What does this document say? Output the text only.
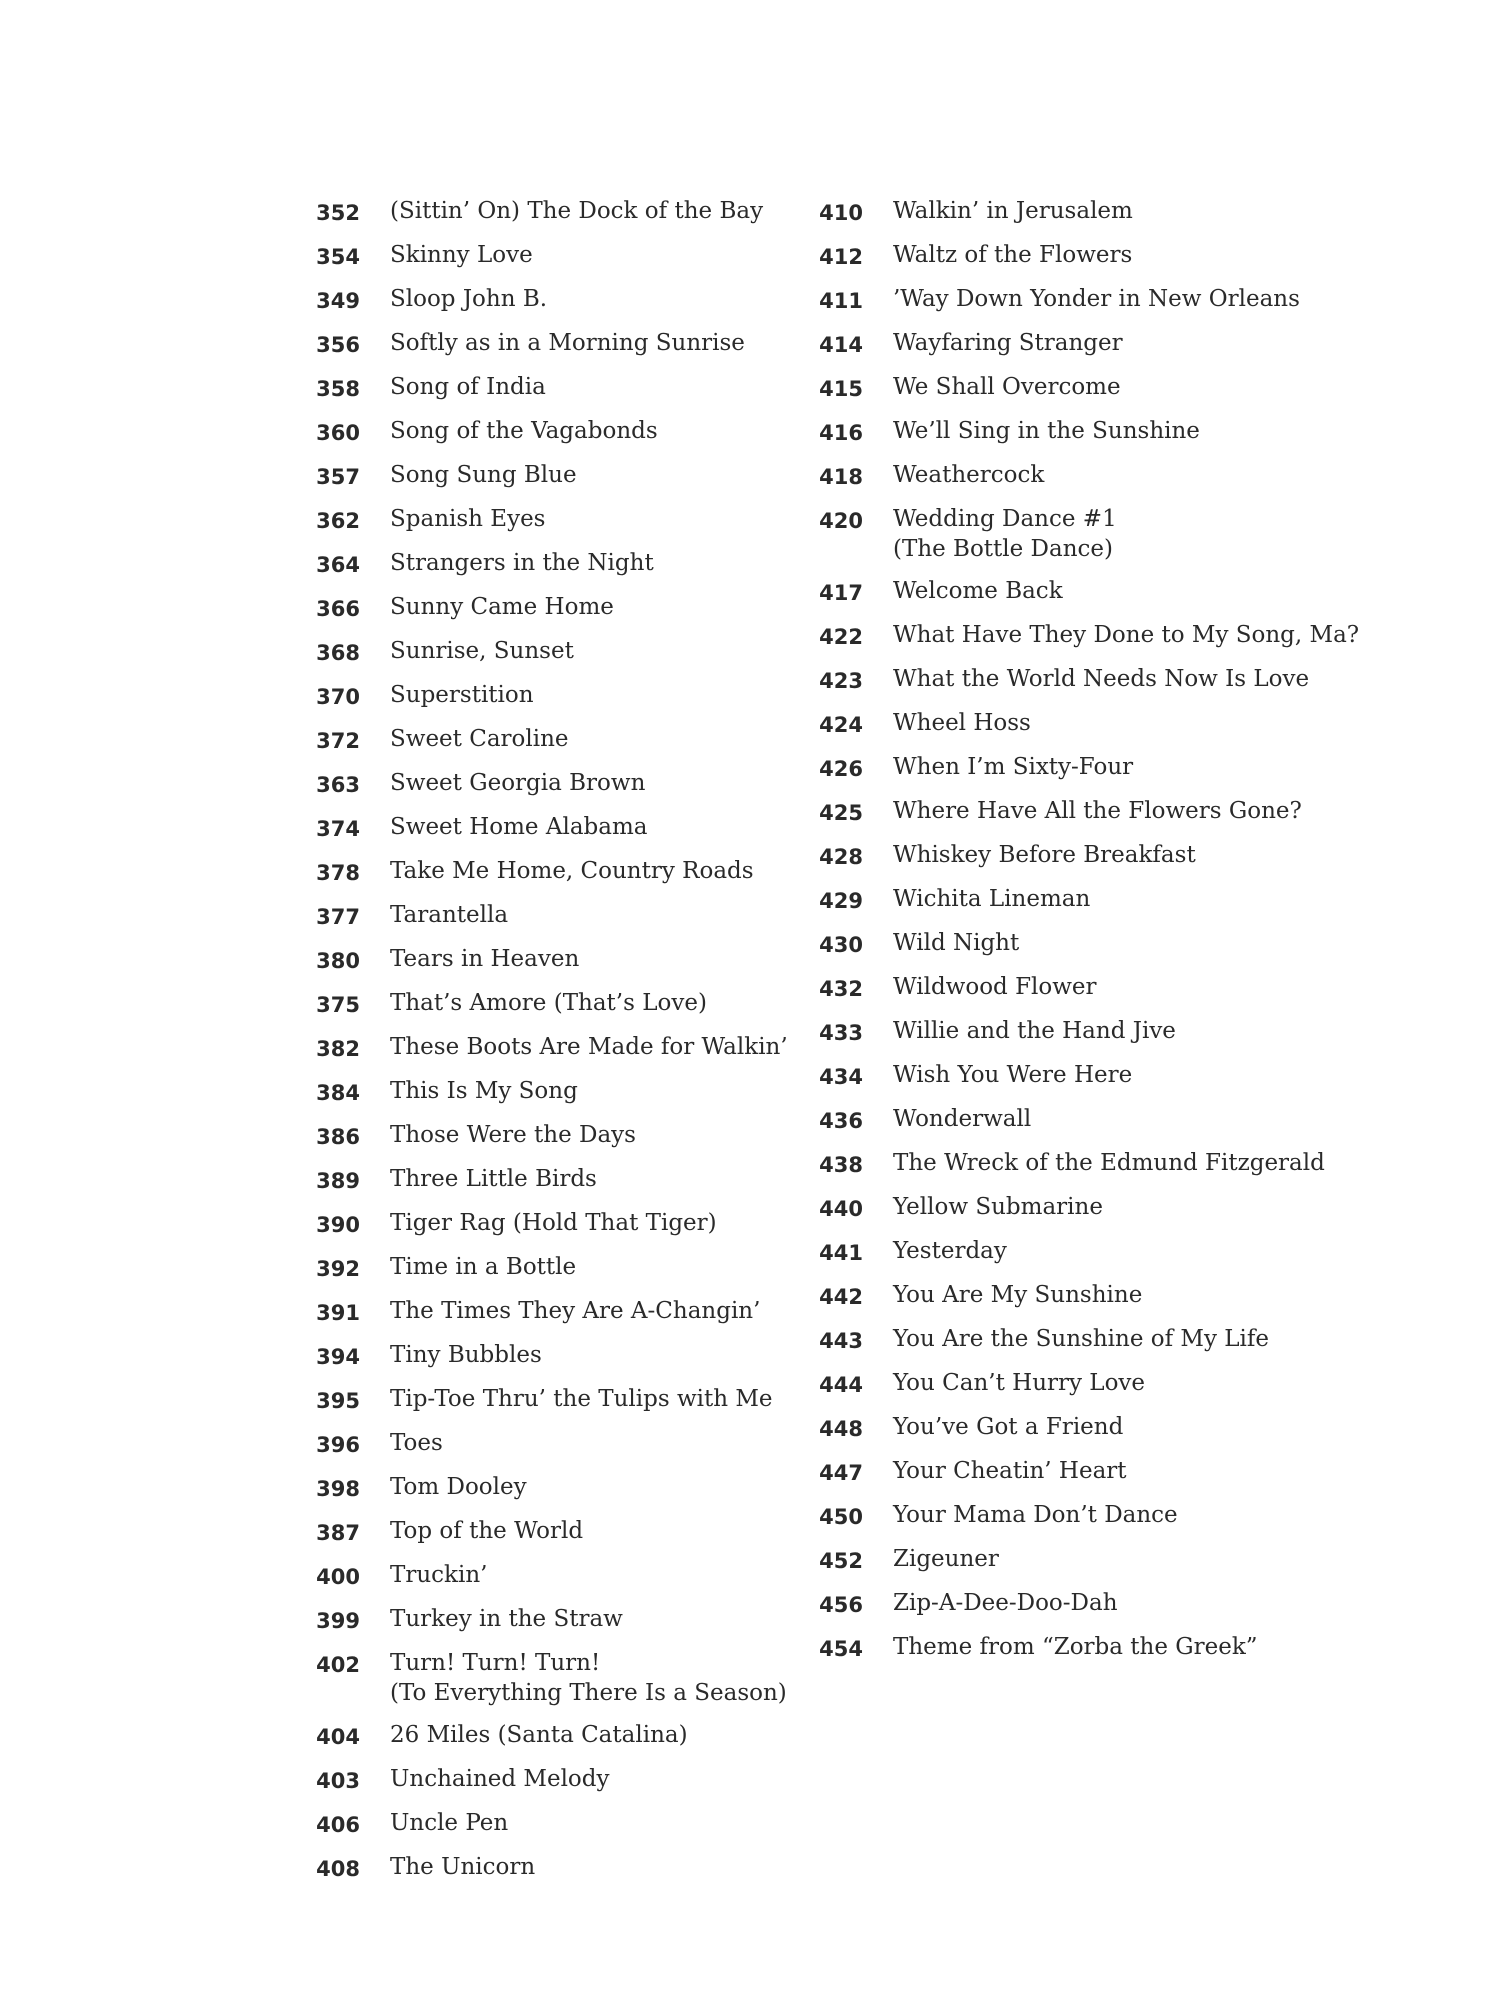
352 (Sittin’ On) The Dock of the Bay
354 Skinny Love
349 Sloop John B.
356 Softly as in a Morning Sunrise
358 Song of India
360 Song of the Vagabonds
357 Song Sung Blue
362 Spanish Eyes
364 Strangers in the Night
366 Sunny Came Home
368 Sunrise, Sunset
370 Superstition
372 Sweet Caroline
363 Sweet Georgia Brown
374 Sweet Home Alabama
378 Take Me Home, Country Roads
377 Tarantella
380 Tears in Heaven
375 That’s Amore (That’s Love)
382 These Boots Are Made for Walkin’
384 This Is My Song
386 Those Were the Days
389 Three Little Birds
390 Tiger Rag (Hold That Tiger)
392 Time in a Bottle
391 The Times They Are A-Changin’
394 Tiny Bubbles
395 Tip-Toe Thru’ the Tulips with Me
396 Toes
398 Tom Dooley
387 Top of the World
400 Truckin’
399 Turkey in the Straw
402 Turn! Turn! Turn!
(To Everything There Is a Season)
404 26 Miles (Santa Catalina)
403 Unchained Melody
406 Uncle Pen
408 The Unicorn
410 Walkin’ in Jerusalem
412 Waltz of the Flowers
411 ’Way Down Yonder in New Orleans
414 Wayfaring Stranger
415 We Shall Overcome
416 We’ll Sing in the Sunshine
418 Weathercock
420 Wedding Dance #1
(The Bottle Dance)
417 Welcome Back
422 What Have They Done to My Song, Ma?
423 What the World Needs Now Is Love
424 Wheel Hoss
426 When I’m Sixty-Four
425 Where Have All the Flowers Gone?
428 Whiskey Before Breakfast
429 Wichita Lineman
430 Wild Night
432 Wildwood Flower
433 Willie and the Hand Jive
434 Wish You Were Here
436 Wonderwall
438 The Wreck of the Edmund Fitzgerald
440 Yellow Submarine
441 Yesterday
442 You Are My Sunshine
443 You Are the Sunshine of My Life
444 You Can’t Hurry Love
448 You’ve Got a Friend
447 Your Cheatin’ Heart
450 Your Mama Don’t Dance
452 Zigeuner
456 Zip-A-Dee-Doo-Dah
454 Theme from “Zorba the Greek”
